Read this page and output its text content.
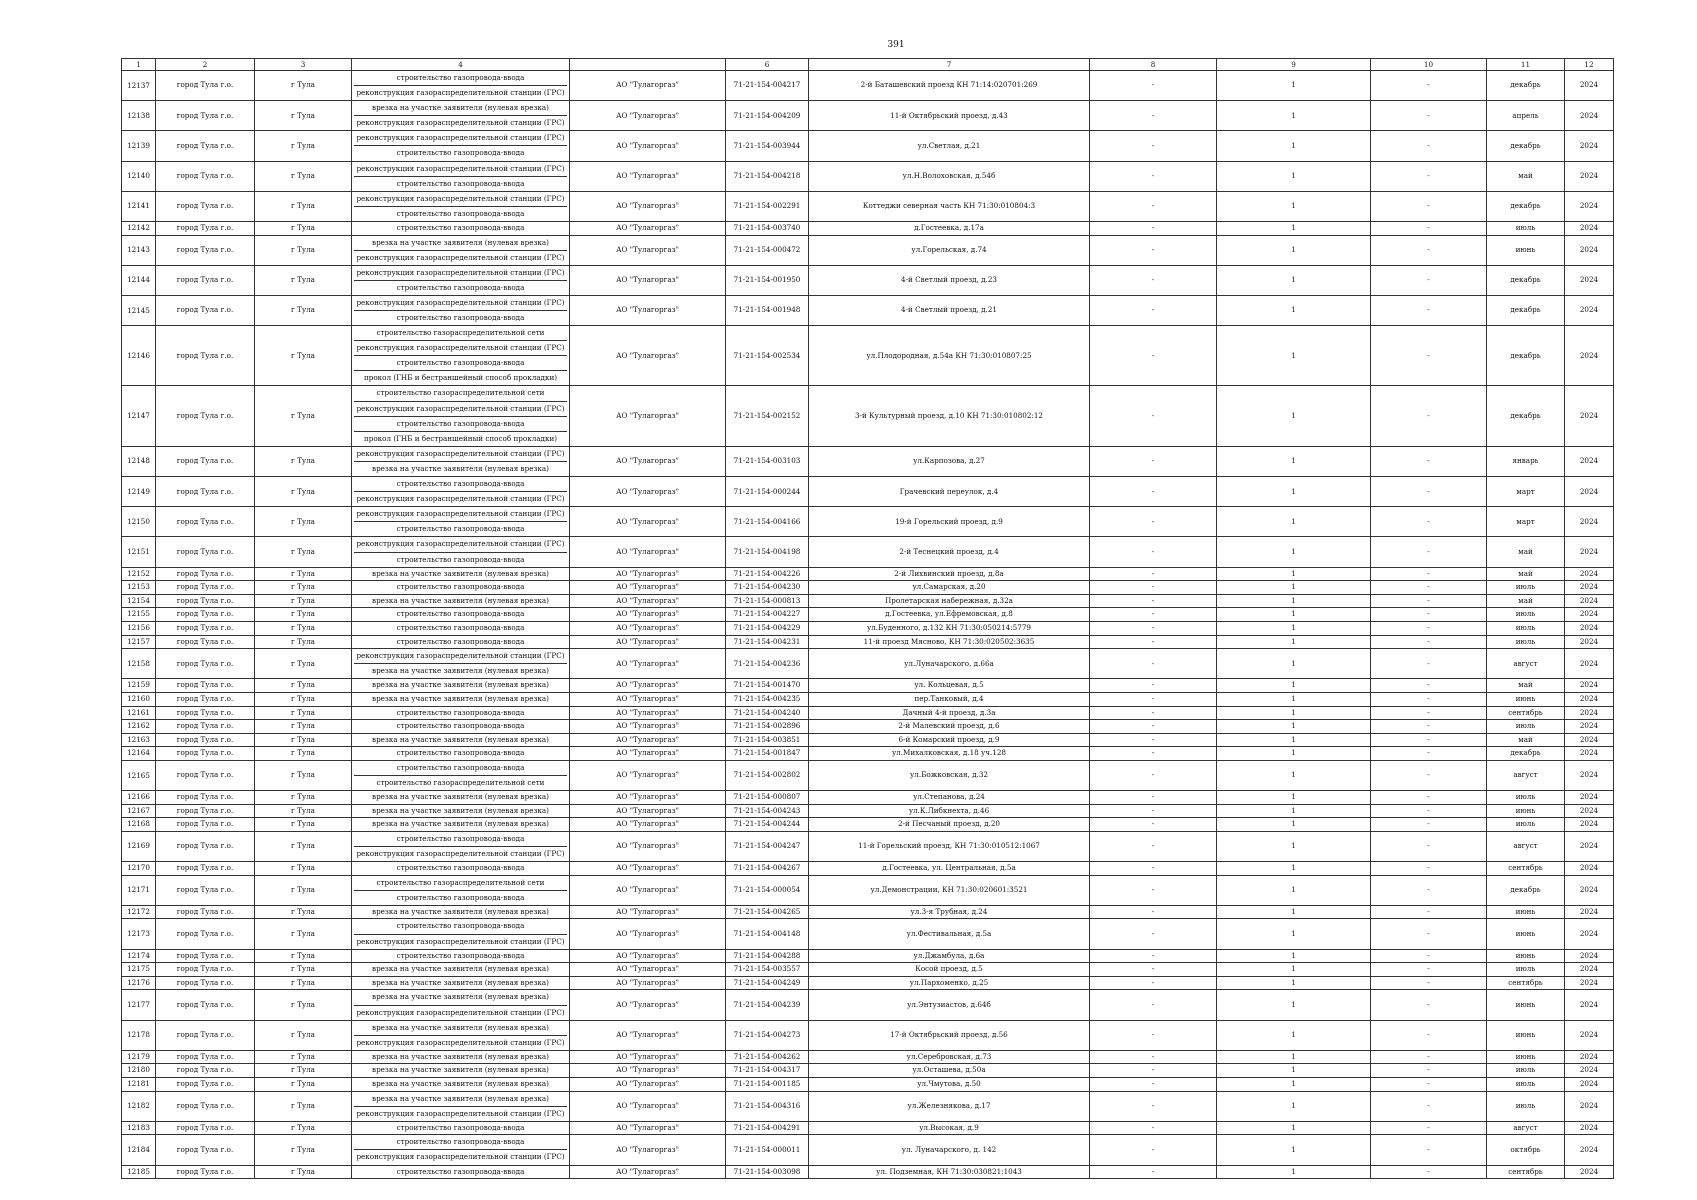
391
1	2	3	4		6	7	8	9	10	11	12
12137	город Тула г.о.	г Тула	строительство газопровода-ввода
реконструкция газораспределительной станции (ГРС)	АО "Тулагоргаз"	71-21-154-004217	2-й Баташевский проезд КН 71:14:020701:269	-	1	-	декабрь	2024
12138	город Тула г.о.	г Тула	врезка на участке заявителя (нулевая врезка)
реконструкция газораспределительной станции (ГРС)	АО "Тулагоргаз"	71-21-154-004209	11-й Октябрьский проезд, д.43	-	1	-	апрель	2024
12139	город Тула г.о.	г Тула	реконструкция газораспределительной станции (ГРС)
строительство газопровода-ввода	АО "Тулагоргаз"	71-21-154-003944	ул.Светлая, д.21	-	1	-	декабрь	2024
12140	город Тула г.о.	г Тула	реконструкция газораспределительной станции (ГРС)
строительство газопровода-ввода	АО "Тулагоргаз"	71-21-154-004218	ул.Н.Волоховская, д.54б	-	1	-	май	2024
12141	город Тула г.о.	г Тула	реконструкция газораспределительной станции (ГРС)
строительство газопровода-ввода	АО "Тулагоргаз"	71-21-154-002291	Коттеджи северная часть КН 71:30:010804:3	-	1	-	декабрь	2024
12142	город Тула г.о.	г Тула	строительство газопровода-ввода	АО "Тулагоргаз"	71-21-154-003740	д.Гостеевка, д.17а	-	1	-	июль	2024
12143	город Тула г.о.	г Тула	врезка на участке заявителя (нулевая врезка)
реконструкция газораспределительной станции (ГРС)	АО "Тулагоргаз"	71-21-154-000472	ул.Горельская, д.74	-	1	-	июнь	2024
12144	город Тула г.о.	г Тула	реконструкция газораспределительной станции (ГРС)
строительство газопровода-ввода	АО "Тулагоргаз"	71-21-154-001950	4-й Светлый проезд, д.23	-	1	-	декабрь	2024
12145	город Тула г.о.	г Тула	реконструкция газораспределительной станции (ГРС)
строительство газопровода-ввода	АО "Тулагоргаз"	71-21-154-001948	4-й Светлый проезд, д.21	-	1	-	декабрь	2024
12146	город Тула г.о.	г Тула	строительство газораспределительной сети
реконструкция газораспределительной станции (ГРС)
строительство газопровода-ввода
прокол (ГНБ и бестраншейный способ прокладки)	АО "Тулагоргаз"	71-21-154-002534	ул.Плодородная, д.54а КН 71:30:010807:25	-	1	-	декабрь	2024
12147	город Тула г.о.	г Тула	строительство газораспределительной сети
реконструкция газораспределительной станции (ГРС)
строительство газопровода-ввода
прокол (ГНБ и бестраншейный способ прокладки)	АО "Тулагоргаз"	71-21-154-002152	3-й Культурный проезд, д.10 КН 71:30:010802:12	-	1	-	декабрь	2024
12148	город Тула г.о.	г Тула	реконструкция газораспределительной станции (ГРС)
врезка на участке заявителя (нулевая врезка)	АО "Тулагоргаз"	71-21-154-003103	ул.Карпозова, д.27	-	1	-	январь	2024
12149	город Тула г.о.	г Тула	строительство газопровода-ввода
реконструкция газораспределительной станции (ГРС)	АО "Тулагоргаз"	71-21-154-000244	Грачевский переулок, д.4	-	1	-	март	2024
12150	город Тула г.о.	г Тула	реконструкция газораспределительной станции (ГРС)
строительство газопровода-ввода	АО "Тулагоргаз"	71-21-154-004166	19-й Горельский проезд, д.9	-	1	-	март	2024
12151	город Тула г.о.	г Тула	реконструкция газораспределительной станции (ГРС)
строительство газопровода-ввода	АО "Тулагоргаз"	71-21-154-004198	2-й Теснецкий проезд, д.4	-	1	-	май	2024
12152	город Тула г.о.	г Тула	врезка на участке заявителя (нулевая врезка)	АО "Тулагоргаз"	71-21-154-004226	2-й Лихвинский проезд, д.8а	-	1	-	май	2024
12153	город Тула г.о.	г Тула	строительство газопровода-ввода	АО "Тулагоргаз"	71-21-154-004230	ул.Самарская, д.20	-	1	-	июль	2024
12154	город Тула г.о.	г Тула	врезка на участке заявителя (нулевая врезка)	АО "Тулагоргаз"	71-21-154-000813	Пролетарская набережная, д.32а	-	1	-	май	2024
12155	город Тула г.о.	г Тула	строительство газопровода-ввода	АО "Тулагоргаз"	71-21-154-004227	д.Гостеевка, ул.Ефремовская, д.8	-	1	-	июль	2024
12156	город Тула г.о.	г Тула	строительство газопровода-ввода	АО "Тулагоргаз"	71-21-154-004229	ул.Буденного, д.132 КН 71:30:050214:5779	-	1	-	июль	2024
12157	город Тула г.о.	г Тула	строительство газопровода-ввода	АО "Тулагоргаз"	71-21-154-004231	11-й проезд Мясново, КН 71:30:020502:3635	-	1	-	июль	2024
12158	город Тула г.о.	г Тула	реконструкция газораспределительной станции (ГРС)
врезка на участке заявителя (нулевая врезка)	АО "Тулагоргаз"	71-21-154-004236	ул.Луначарского, д.66а	-	1	-	август	2024
12159	город Тула г.о.	г Тула	врезка на участке заявителя (нулевая врезка)	АО "Тулагоргаз"	71-21-154-001470	ул. Кольцевая, д.5	-	1	-	май	2024
12160	город Тула г.о.	г Тула	врезка на участке заявителя (нулевая врезка)	АО "Тулагоргаз"	71-21-154-004235	пер.Танковый, д.4	-	1	-	июнь	2024
12161	город Тула г.о.	г Тула	строительство газопровода-ввода	АО "Тулагоргаз"	71-21-154-004240	Дачный 4-й проезд, д.3а	-	1	-	сентябрь	2024
12162	город Тула г.о.	г Тула	строительство газопровода-ввода	АО "Тулагоргаз"	71-21-154-002896	2-й Малевский проезд, д.6	-	1	-	июль	2024
12163	город Тула г.о.	г Тула	врезка на участке заявителя (нулевая врезка)	АО "Тулагоргаз"	71-21-154-003851	6-й Комарский проезд, д.9	-	1	-	май	2024
12164	город Тула г.о.	г Тула	строительство газопровода-ввода	АО "Тулагоргаз"	71-21-154-001847	ул.Михалковская, д.18 уч.128	-	1	-	декабрь	2024
12165	город Тула г.о.	г Тула	строительство газопровода-ввода
строительство газораспределительной сети	АО "Тулагоргаз"	71-21-154-002802	ул.Божковская, д.32	-	1	-	август	2024
12166	город Тула г.о.	г Тула	врезка на участке заявителя (нулевая врезка)	АО "Тулагоргаз"	71-21-154-000807	ул.Степанова, д.24	-	1	-	июль	2024
12167	город Тула г.о.	г Тула	врезка на участке заявителя (нулевая врезка)	АО "Тулагоргаз"	71-21-154-004243	ул.К.Либкнехта, д.46	-	1	-	июнь	2024
12168	город Тула г.о.	г Тула	врезка на участке заявителя (нулевая врезка)	АО "Тулагоргаз"	71-21-154-004244	2-й Песчаный проезд, д.20	-	1	-	июль	2024
12169	город Тула г.о.	г Тула	строительство газопровода-ввода
реконструкция газораспределительной станции (ГРС)	АО "Тулагоргаз"	71-21-154-004247	11-й Горельский проезд, КН 71:30:010512:1067	-	1	-	август	2024
12170	город Тула г.о.	г Тула	строительство газопровода-ввода	АО "Тулагоргаз"	71-21-154-004267	д.Гостеевка, ул. Центральная, д.5а	-	1	-	сентябрь	2024
12171	город Тула г.о.	г Тула	строительство газораспределительной сети
строительство газопровода-ввода	АО "Тулагоргаз"	71-21-154-000054	ул.Демонстрации, КН 71:30:020601:3521	-	1	-	декабрь	2024
12172	город Тула г.о.	г Тула	врезка на участке заявителя (нулевая врезка)	АО "Тулагоргаз"	71-21-154-004265	ул.3-я Трубная, д.24	-	1	-	июнь	2024
12173	город Тула г.о.	г Тула	строительство газопровода-ввода
реконструкция газораспределительной станции (ГРС)	АО "Тулагоргаз"	71-21-154-004148	ул.Фестивальная, д.5а	-	1	-	июнь	2024
12174	город Тула г.о.	г Тула	строительство газопровода-ввода	АО "Тулагоргаз"	71-21-154-004288	ул.Джамбула, д.6а	-	1	-	июнь	2024
12175	город Тула г.о.	г Тула	врезка на участке заявителя (нулевая врезка)	АО "Тулагоргаз"	71-21-154-003557	Косой проезд, д.5	-	1	-	июль	2024
12176	город Тула г.о.	г Тула	врезка на участке заявителя (нулевая врезка)	АО "Тулагоргаз"	71-21-154-004249	ул.Пархоменко, д.25	-	1	-	сентябрь	2024
12177	город Тула г.о.	г Тула	врезка на участке заявителя (нулевая врезка)
реконструкция газораспределительной станции (ГРС)	АО "Тулагоргаз"	71-21-154-004239	ул.Энтузиастов, д.64б	-	1	-	июнь	2024
12178	город Тула г.о.	г Тула	врезка на участке заявителя (нулевая врезка)
реконструкция газораспределительной станции (ГРС)	АО "Тулагоргаз"	71-21-154-004273	17-й Октябрьский проезд, д.56	-	1	-	июнь	2024
12179	город Тула г.о.	г Тула	врезка на участке заявителя (нулевая врезка)	АО "Тулагоргаз"	71-21-154-004262	ул.Серебровская, д.73	-	1	-	июнь	2024
12180	город Тула г.о.	г Тула	врезка на участке заявителя (нулевая врезка)	АО "Тулагоргаз"	71-21-154-004317	ул.Осташева, д.50а	-	1	-	июль	2024
12181	город Тула г.о.	г Тула	врезка на участке заявителя (нулевая врезка)	АО "Тулагоргаз"	71-21-154-001185	ул.Чмутова, д.50	-	1	-	июль	2024
12182	город Тула г.о.	г Тула	врезка на участке заявителя (нулевая врезка)
реконструкция газораспределительной станции (ГРС)	АО "Тулагоргаз"	71-21-154-004316	ул.Железнякова, д.17	-	1	-	июль	2024
12183	город Тула г.о.	г Тула	строительство газопровода-ввода	АО "Тулагоргаз"	71-21-154-004291	ул.Высокая, д.9	-	1	-	август	2024
12184	город Тула г.о.	г Тула	строительство газопровода-ввода
реконструкция газораспределительной станции (ГРС)	АО "Тулагоргаз"	71-21-154-000011	ул. Луначарского, д. 142	-	1	-	октябрь	2024
12185	город Тула г.о.	г Тула	строительство газопровода-ввода	АО "Тулагоргаз"	71-21-154-003098	ул. Подземная, КН 71:30:030821:1043	-	1	-	сентябрь	2024
